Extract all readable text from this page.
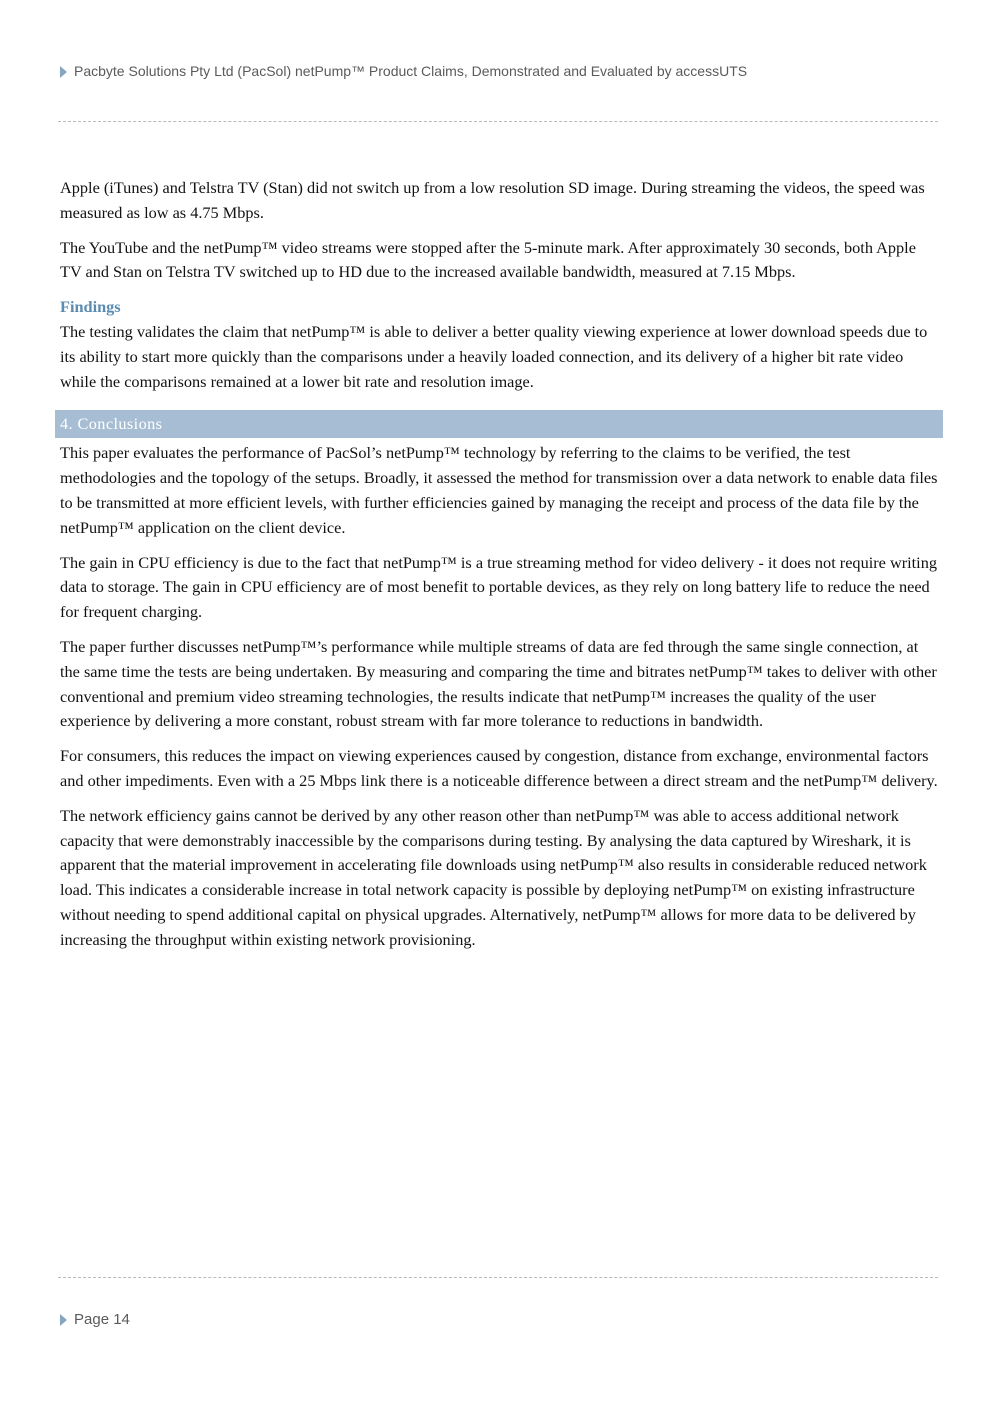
Pacbyte Solutions Pty Ltd (PacSol) netPump™ Product Claims, Demonstrated and Evaluated by accessUTS

Apple (iTunes) and Telstra TV (Stan) did not switch up from a low resolution SD image. During streaming the videos, the speed was measured as low as 4.75 Mbps.

The YouTube and the netPump™ video streams were stopped after the 5-minute mark. After approximately 30 seconds, both Apple TV and Stan on Telstra TV switched up to HD due to the increased available bandwidth, measured at 7.15 Mbps.

Findings

The testing validates the claim that netPump™ is able to deliver a better quality viewing experience at lower download speeds due to its ability to start more quickly than the comparisons under a heavily loaded connection, and its delivery of a higher bit rate video while the comparisons remained at a lower bit rate and resolution image.

4. Conclusions

This paper evaluates the performance of PacSol’s netPump™ technology by referring to the claims to be verified, the test methodologies and the topology of the setups. Broadly, it assessed the method for transmission over a data network to enable data files to be transmitted at more efficient levels, with further efficiencies gained by managing the receipt and process of the data file by the netPump™ application on the client device.

The gain in CPU efficiency is due to the fact that netPump™ is a true streaming method for video delivery - it does not require writing data to storage. The gain in CPU efficiency are of most benefit to portable devices, as they rely on long battery life to reduce the need for frequent charging.

The paper further discusses netPump™’s performance while multiple streams of data are fed through the same single connection, at the same time the tests are being undertaken. By measuring and comparing the time and bitrates netPump™ takes to deliver with other conventional and premium video streaming technologies, the results indicate that netPump™ increases the quality of the user experience by delivering a more constant, robust stream with far more tolerance to reductions in bandwidth.

For consumers, this reduces the impact on viewing experiences caused by congestion, distance from exchange, environmental factors and other impediments. Even with a 25 Mbps link there is a noticeable difference between a direct stream and the netPump™ delivery.

The network efficiency gains cannot be derived by any other reason other than netPump™ was able to access additional network capacity that were demonstrably inaccessible by the comparisons during testing. By analysing the data captured by Wireshark, it is apparent that the material improvement in accelerating file downloads using netPump™ also results in considerable reduced network load. This indicates a considerable increase in total network capacity is possible by deploying netPump™ on existing infrastructure without needing to spend additional capital on physical upgrades. Alternatively, netPump™ allows for more data to be delivered by increasing the throughput within existing network provisioning.

Page 14
